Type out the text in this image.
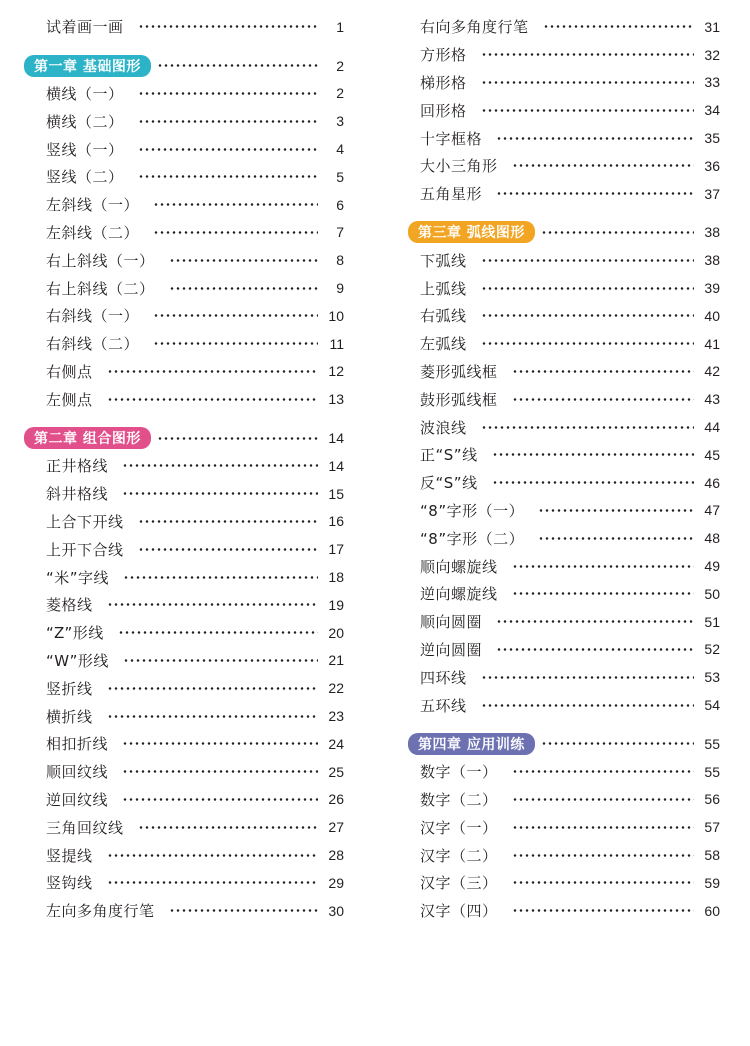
试着画一画	1
第一章 基础图形	2
横线（一）	2
横线（二）	3
竖线（一）	4
竖线（二）	5
左斜线（一）	6
左斜线（二）	7
右上斜线（一）	8
右上斜线（二）	9
右斜线（一）	10
右斜线（二）	11
右侧点	12
左侧点	13
第二章 组合图形	14
正井格线	14
斜井格线	15
上合下开线	16
上开下合线	17
“米”字线	18
菱格线	19
“Z”形线	20
“W”形线	21
竖折线	22
横折线	23
相扣折线	24
顺回纹线	25
逆回纹线	26
三角回纹线	27
竖提线	28
竖钩线	29
左向多角度行笔	30
右向多角度行笔	31
方形格	32
梯形格	33
回形格	34
十字框格	35
大小三角形	36
五角星形	37
第三章 弧线图形	38
下弧线	38
上弧线	39
右弧线	40
左弧线	41
菱形弧线框	42
鼓形弧线框	43
波浪线	44
正“S”线	45
反“S”线	46
“8”字形（一）	47
“8”字形（二）	48
顺向螺旋线	49
逆向螺旋线	50
顺向圆圈	51
逆向圆圈	52
四环线	53
五环线	54
第四章 应用训练	55
数字（一）	55
数字（二）	56
汉字（一）	57
汉字（二）	58
汉字（三）	59
汉字（四）	60
